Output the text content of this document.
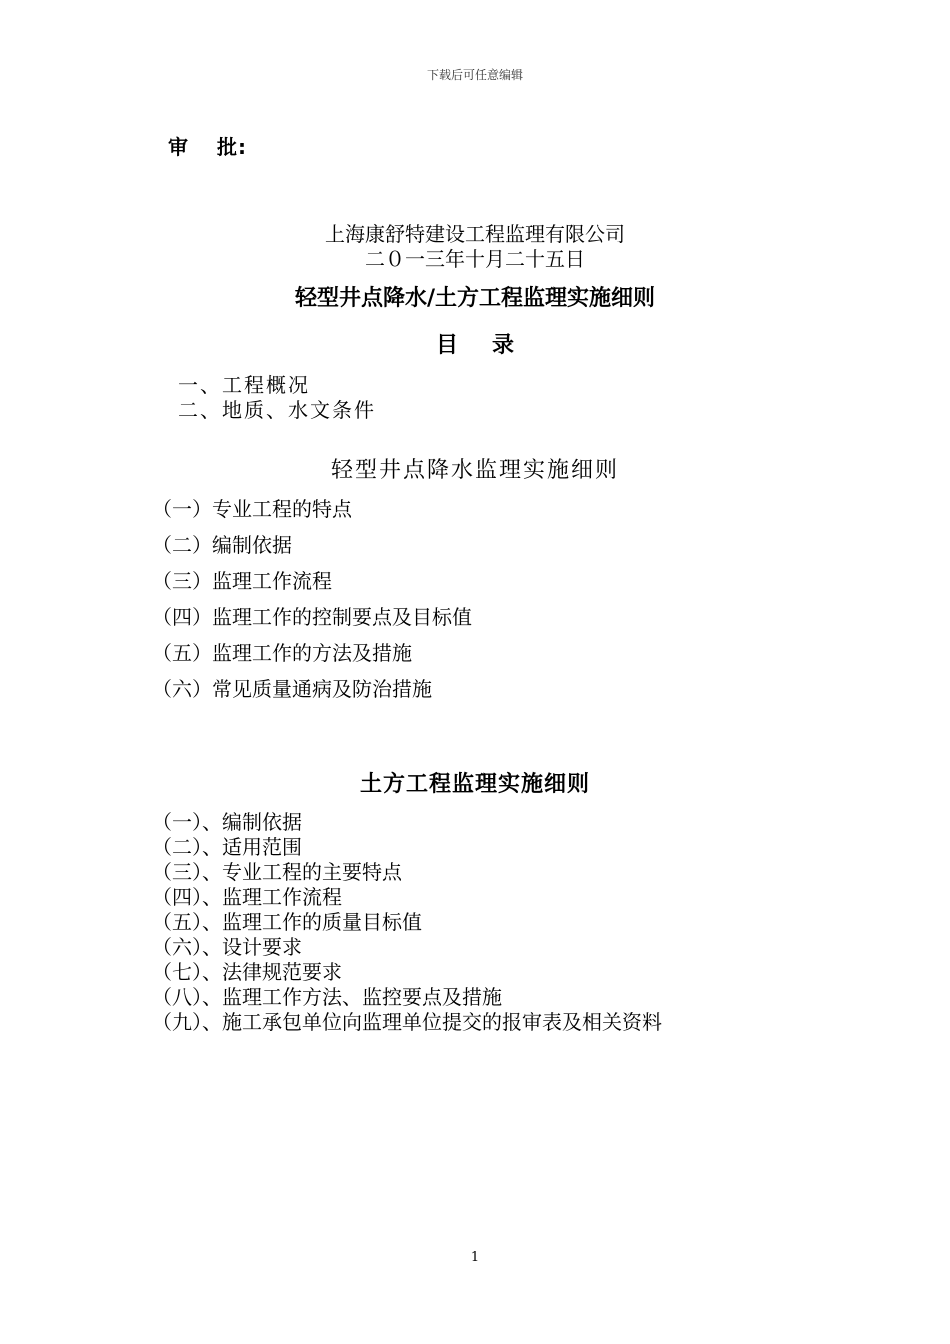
下载后可任意编辑
审 批:
上海康舒特建设工程监理有限公司
二０一三年十月二十五日
轻型井点降水/土方工程监理实施细则
目 录
一、工程概况
二、地质、水文条件
轻型井点降水监理实施细则
（一）专业工程的特点
（二）编制依据
（三）监理工作流程
（四）监理工作的控制要点及目标值
（五）监理工作的方法及措施
（六）常见质量通病及防治措施
土方工程监理实施细则
（一）、编制依据
（二）、适用范围
（三）、专业工程的主要特点
（四）、监理工作流程
（五）、监理工作的质量目标值
（六）、设计要求
（七）、法律规范要求
（八）、监理工作方法、监控要点及措施
（九）、施工承包单位向监理单位提交的报审表及相关资料
1
